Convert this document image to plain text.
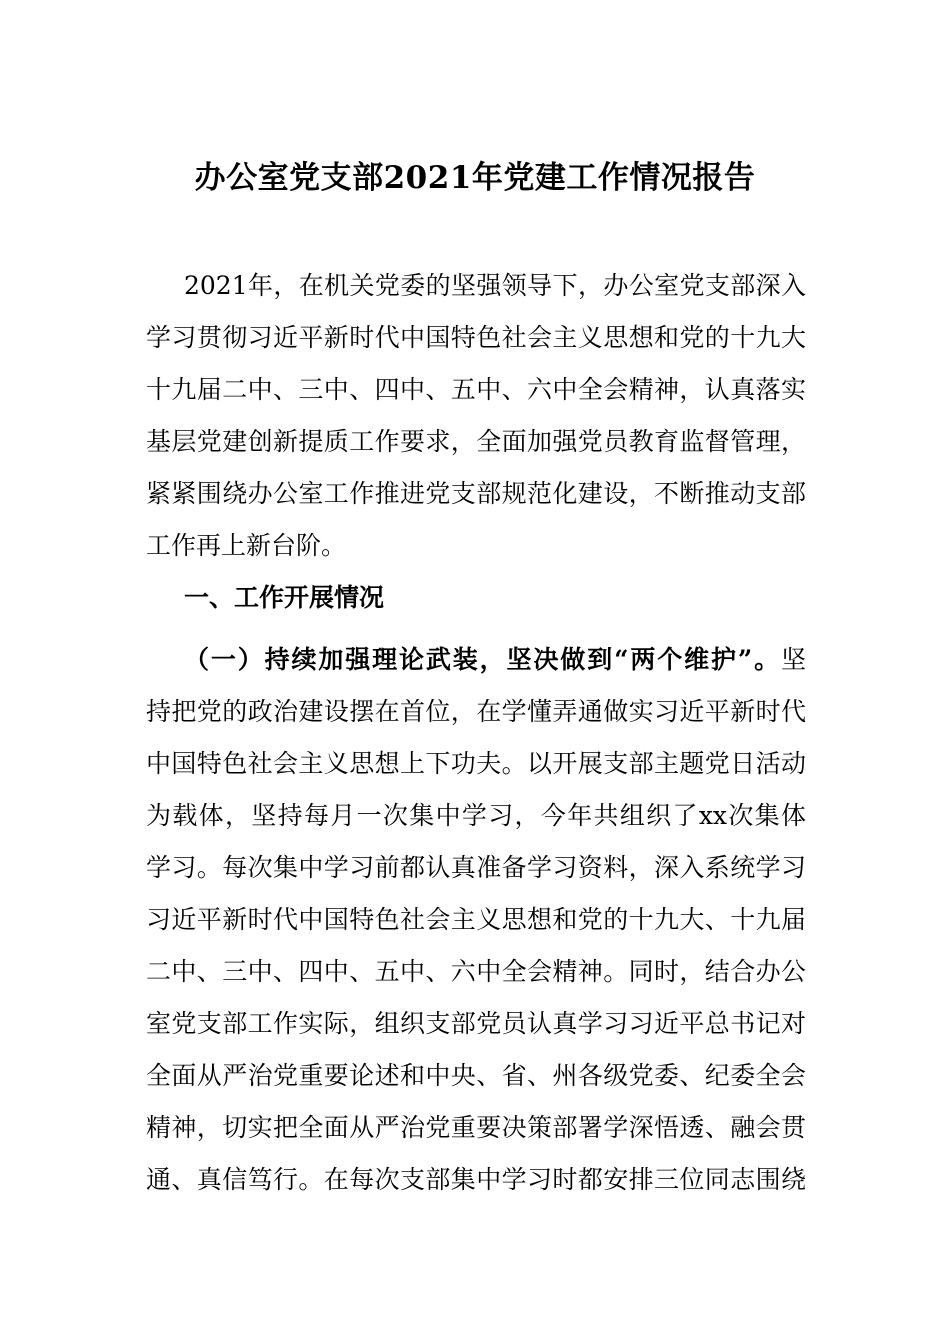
办公室党支部2021年党建工作情况报告
2021年，在机关党委的坚强领导下，办公室党支部深入
学习贯彻习近平新时代中国特色社会主义思想和党的十九大
十九届二中、三中、四中、五中、六中全会精神，认真落实
基层党建创新提质工作要求，全面加强党员教育监督管理，
紧紧围绕办公室工作推进党支部规范化建设，不断推动支部
工作再上新台阶。
一、工作开展情况
（一）持续加强理论武装，坚决做到“两个维护”。坚
持把党的政治建设摆在首位，在学懂弄通做实习近平新时代
中国特色社会主义思想上下功夫。以开展支部主题党日活动
为载体，坚持每月一次集中学习，今年共组织了xx次集体
学习。每次集中学习前都认真准备学习资料，深入系统学习
习近平新时代中国特色社会主义思想和党的十九大、十九届
二中、三中、四中、五中、六中全会精神。同时，结合办公
室党支部工作实际，组织支部党员认真学习习近平总书记对
全面从严治党重要论述和中央、省、州各级党委、纪委全会
精神，切实把全面从严治党重要决策部署学深悟透、融会贯
通、真信笃行。在每次支部集中学习时都安排三位同志围绕
